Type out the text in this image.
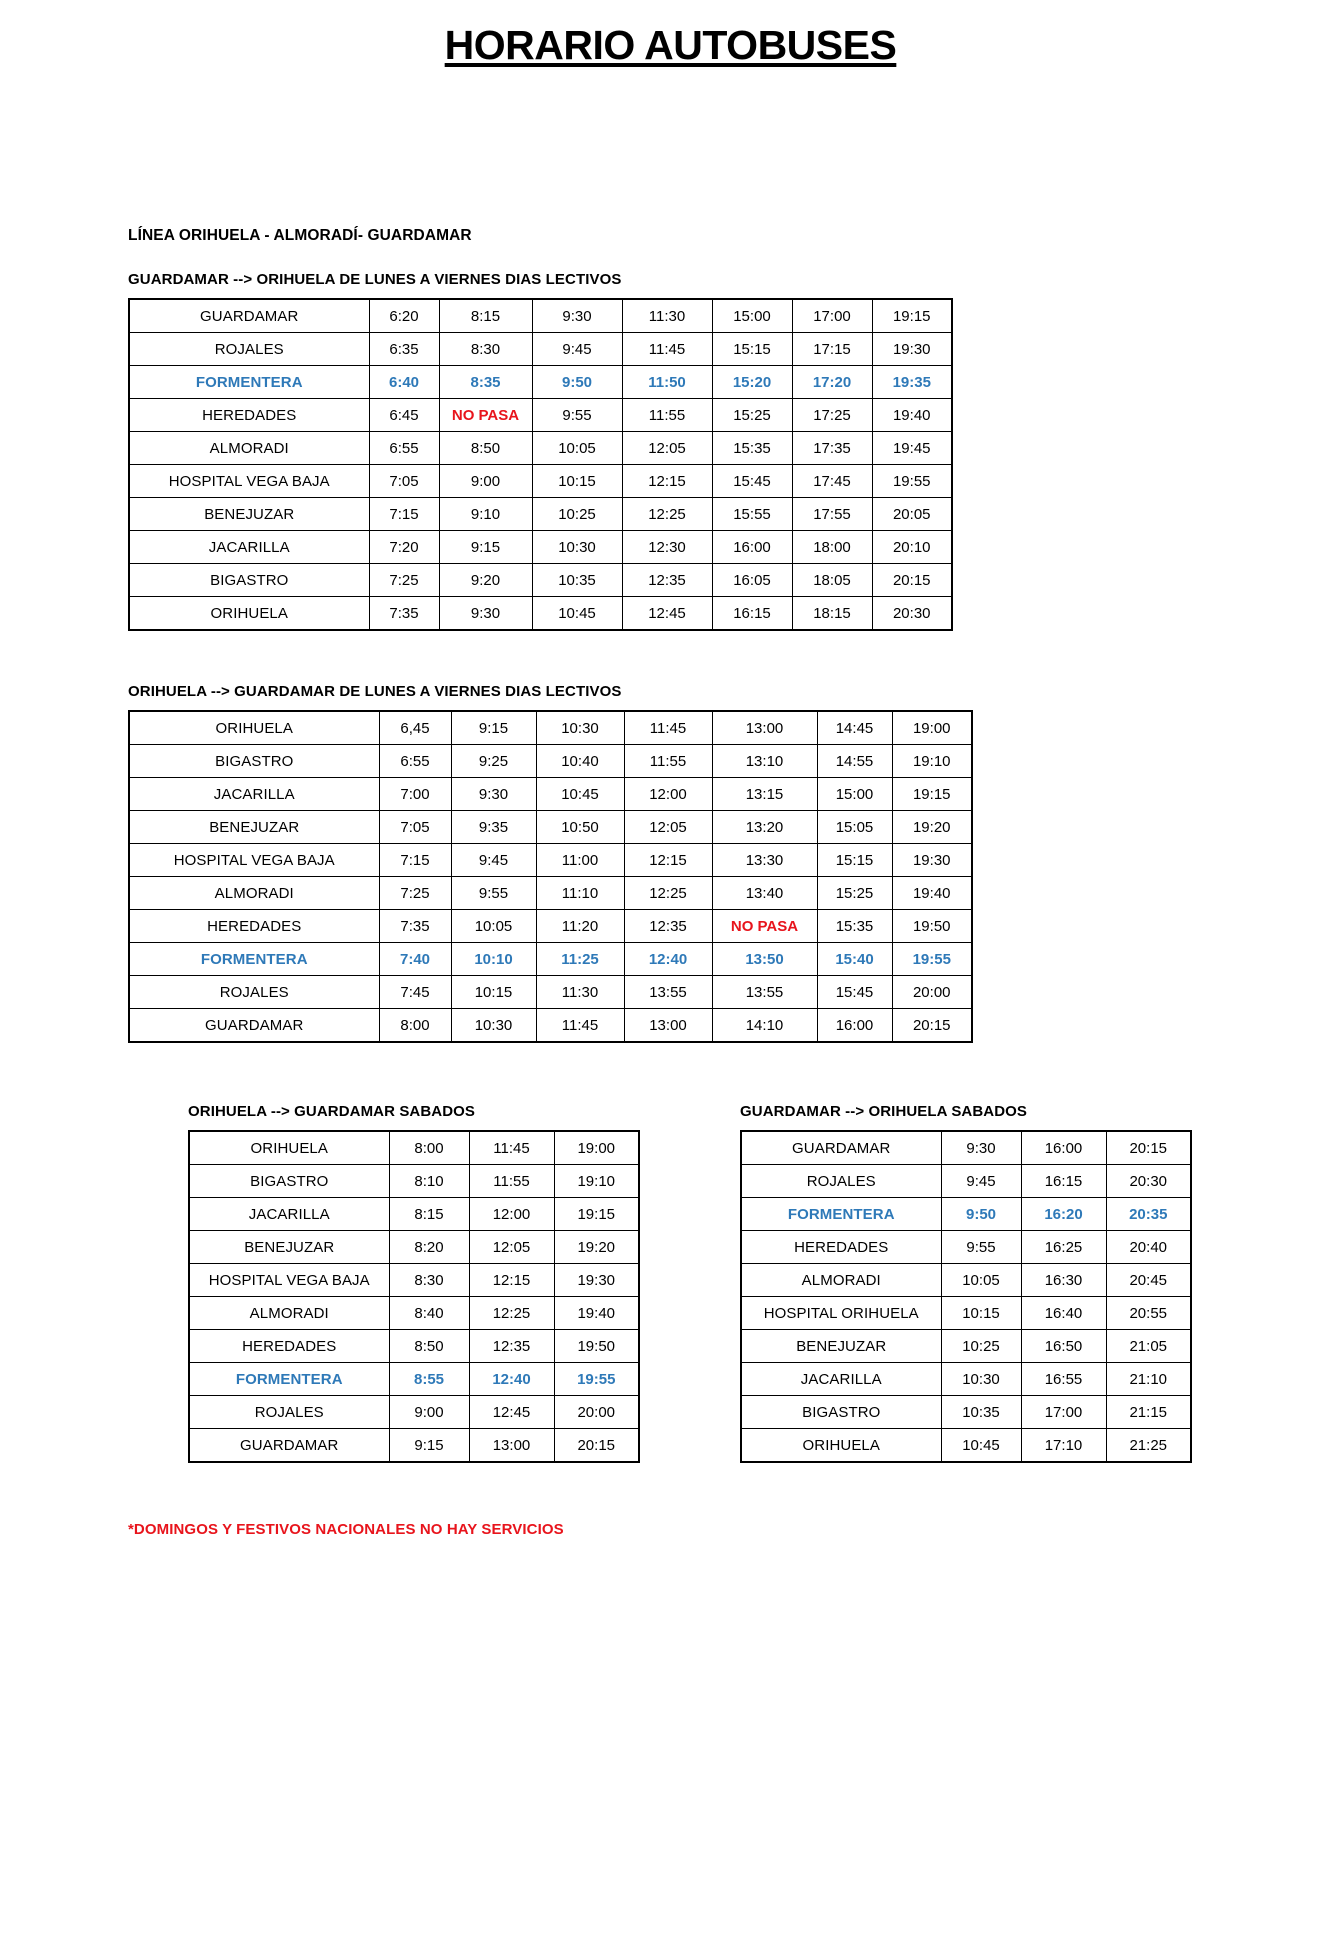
HORARIO AUTOBUSES
LÍNEA ORIHUELA - ALMORADÍ- GUARDAMAR
GUARDAMAR --> ORIHUELA DE LUNES A VIERNES DIAS LECTIVOS
GUARDAMAR	6:20	8:15	9:30	11:30	15:00	17:00	19:15
ROJALES	6:35	8:30	9:45	11:45	15:15	17:15	19:30
FORMENTERA	6:40	8:35	9:50	11:50	15:20	17:20	19:35
HEREDADES	6:45	NO PASA	9:55	11:55	15:25	17:25	19:40
ALMORADI	6:55	8:50	10:05	12:05	15:35	17:35	19:45
HOSPITAL VEGA BAJA	7:05	9:00	10:15	12:15	15:45	17:45	19:55
BENEJUZAR	7:15	9:10	10:25	12:25	15:55	17:55	20:05
JACARILLA	7:20	9:15	10:30	12:30	16:00	18:00	20:10
BIGASTRO	7:25	9:20	10:35	12:35	16:05	18:05	20:15
ORIHUELA	7:35	9:30	10:45	12:45	16:15	18:15	20:30
ORIHUELA --> GUARDAMAR DE LUNES A VIERNES DIAS LECTIVOS
ORIHUELA	6,45	9:15	10:30	11:45	13:00	14:45	19:00
BIGASTRO	6:55	9:25	10:40	11:55	13:10	14:55	19:10
JACARILLA	7:00	9:30	10:45	12:00	13:15	15:00	19:15
BENEJUZAR	7:05	9:35	10:50	12:05	13:20	15:05	19:20
HOSPITAL VEGA BAJA	7:15	9:45	11:00	12:15	13:30	15:15	19:30
ALMORADI	7:25	9:55	11:10	12:25	13:40	15:25	19:40
HEREDADES	7:35	10:05	11:20	12:35	NO PASA	15:35	19:50
FORMENTERA	7:40	10:10	11:25	12:40	13:50	15:40	19:55
ROJALES	7:45	10:15	11:30	13:55	13:55	15:45	20:00
GUARDAMAR	8:00	10:30	11:45	13:00	14:10	16:00	20:15
ORIHUELA --> GUARDAMAR SABADOS
ORIHUELA	8:00	11:45	19:00
BIGASTRO	8:10	11:55	19:10
JACARILLA	8:15	12:00	19:15
BENEJUZAR	8:20	12:05	19:20
HOSPITAL VEGA BAJA	8:30	12:15	19:30
ALMORADI	8:40	12:25	19:40
HEREDADES	8:50	12:35	19:50
FORMENTERA	8:55	12:40	19:55
ROJALES	9:00	12:45	20:00
GUARDAMAR	9:15	13:00	20:15
GUARDAMAR --> ORIHUELA SABADOS
GUARDAMAR	9:30	16:00	20:15
ROJALES	9:45	16:15	20:30
FORMENTERA	9:50	16:20	20:35
HEREDADES	9:55	16:25	20:40
ALMORADI	10:05	16:30	20:45
HOSPITAL ORIHUELA	10:15	16:40	20:55
BENEJUZAR	10:25	16:50	21:05
JACARILLA	10:30	16:55	21:10
BIGASTRO	10:35	17:00	21:15
ORIHUELA	10:45	17:10	21:25
*DOMINGOS Y FESTIVOS NACIONALES NO HAY SERVICIOS
